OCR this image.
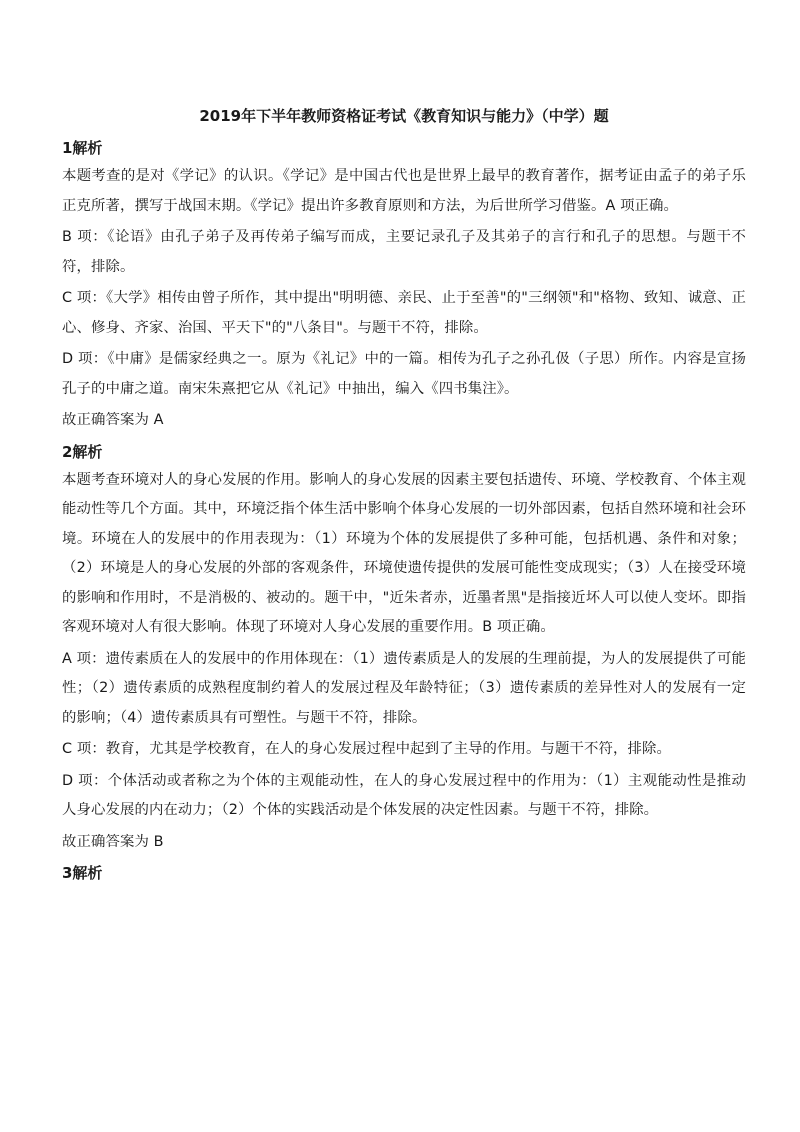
2019年下半年教师资格证考试《教育知识与能力》（中学）题
1解析

本题考查的是对《学记》的认识。《学记》是中国古代也是世界上最早的教育著作，据考证由孟子的弟子乐正克所著，撰写于战国末期。《学记》提出许多教育原则和方法，为后世所学习借鉴。A 项正确。

B 项：《论语》由孔子弟子及再传弟子编写而成，主要记录孔子及其弟子的言行和孔子的思想。与题干不符，排除。

C 项：《大学》相传由曾子所作，其中提出"明明德、亲民、止于至善"的"三纲领"和"格物、致知、诚意、正心、修身、齐家、治国、平天下"的"八条目"。与题干不符，排除。

D 项：《中庸》是儒家经典之一。原为《礼记》中的一篇。相传为孔子之孙孔伋（子思）所作。内容是宣扬孔子的中庸之道。南宋朱熹把它从《礼记》中抽出，编入《四书集注》。

故正确答案为 A

2解析

本题考查环境对人的身心发展的作用。影响人的身心发展的因素主要包括遗传、环境、学校教育、个体主观能动性等几个方面。其中，环境泛指个体生活中影响个体身心发展的一切外部因素，包括自然环境和社会环境。环境在人的发展中的作用表现为：（1）环境为个体的发展提供了多种可能，包括机遇、条件和对象；（2）环境是人的身心发展的外部的客观条件，环境使遗传提供的发展可能性变成现实；（3）人在接受环境的影响和作用时，不是消极的、被动的。题干中，"近朱者赤，近墨者黑"是指接近坏人可以使人变坏。即指客观环境对人有很大影响。体现了环境对人身心发展的重要作用。B 项正确。

A 项：遗传素质在人的发展中的作用体现在：（1）遗传素质是人的发展的生理前提，为人的发展提供了可能性；（2）遗传素质的成熟程度制约着人的发展过程及年龄特征；（3）遗传素质的差异性对人的发展有一定的影响；（4）遗传素质具有可塑性。与题干不符，排除。

C 项：教育，尤其是学校教育，在人的身心发展过程中起到了主导的作用。与题干不符，排除。

D 项：个体活动或者称之为个体的主观能动性，在人的身心发展过程中的作用为：（1）主观能动性是推动人身心发展的内在动力；（2）个体的实践活动是个体发展的决定性因素。与题干不符，排除。

故正确答案为 B

3解析
